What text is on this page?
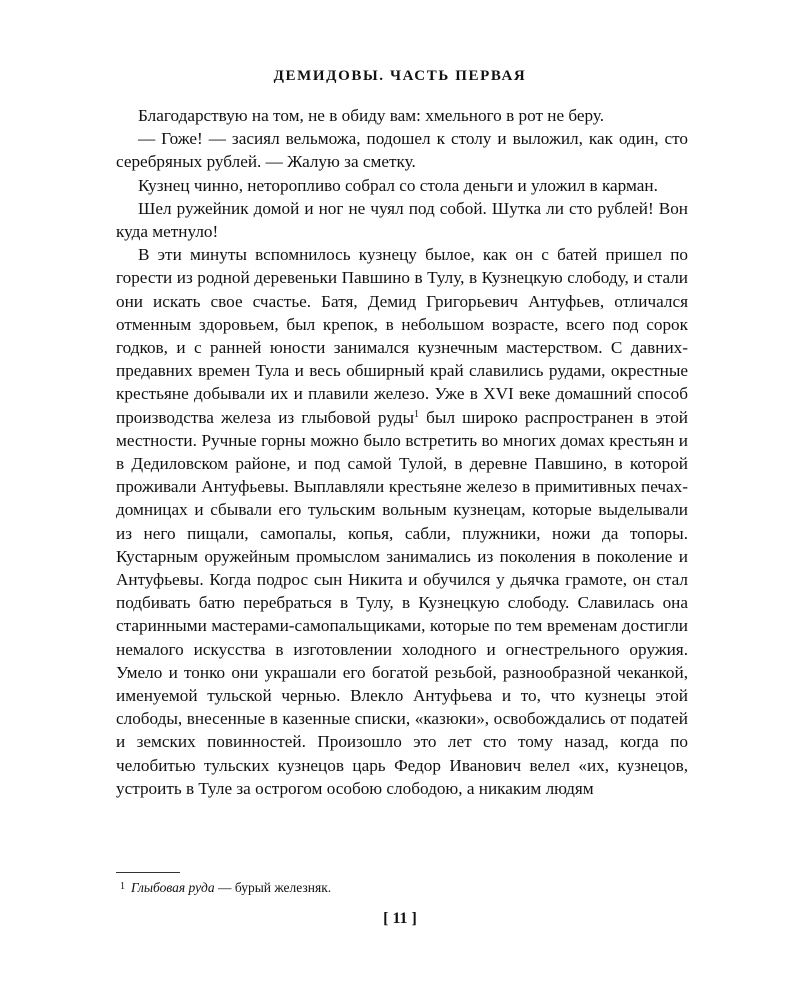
ДЕМИДОВЫ. ЧАСТЬ ПЕРВАЯ

Благодарствую на том, не в обиду вам: хмельного в рот не беру.

— Гоже! — засиял вельможа, подошел к столу и выложил, как один, сто серебряных рублей. — Жалую за сметку.

Кузнец чинно, неторопливо собрал со стола деньги и уложил в карман.

Шел ружейник домой и ног не чуял под собой. Шутка ли сто рублей! Вон куда метнуло!

В эти минуты вспомнилось кузнецу былое, как он с батей пришел по горести из родной деревеньки Павшино в Тулу, в Кузнецкую слободу, и стали они искать свое счастье. Батя, Демид Григорьевич Антуфьев, отличался отменным здоровьем, был крепок, в небольшом возрасте, всего под сорок годков, и с ранней юности занимался кузнечным мастерством. С давних-предавних времен Тула и весь обширный край славились рудами, окрестные крестьяне добывали их и плавили железо. Уже в XVI веке домашний способ производства железа из глыбовой руды$^1$ был широко распространен в этой местности. Ручные горны можно было встретить во многих домах крестьян и в Дедиловском районе, и под самой Тулой, в деревне Павшино, в которой проживали Антуфьевы. Выплавляли крестьяне железо в примитивных печах-домницах и сбывали его тульским вольным кузнецам, которые выделывали из него пищали, самопалы, копья, сабли, плужники, ножи да топоры. Кустарным оружейным промыслом занимались из поколения в поколение и Антуфьевы. Когда подрос сын Никита и обучился у дьячка грамоте, он стал подбивать батю перебраться в Тулу, в Кузнецкую слободу. Славилась она старинными мастерами-самопальщиками, которые по тем временам достигли немалого искусства в изготовлении холодного и огнестрельного оружия. Умело и тонко они украшали его богатой резьбой, разнообразной чеканкой, именуемой тульской чернью. Влекло Антуфьева и то, что кузнецы этой слободы, внесенные в казенные списки, «казюки», освобождались от податей и земских повинностей. Произошло это лет сто тому назад, когда по челобитью тульских кузнецов царь Федор Иванович велел «их, кузнецов, устроить в Туле за острогом особою слободою, а никаким людям

$^1$ Глыбовая руда — бурый железняк.
[ 11 ]
